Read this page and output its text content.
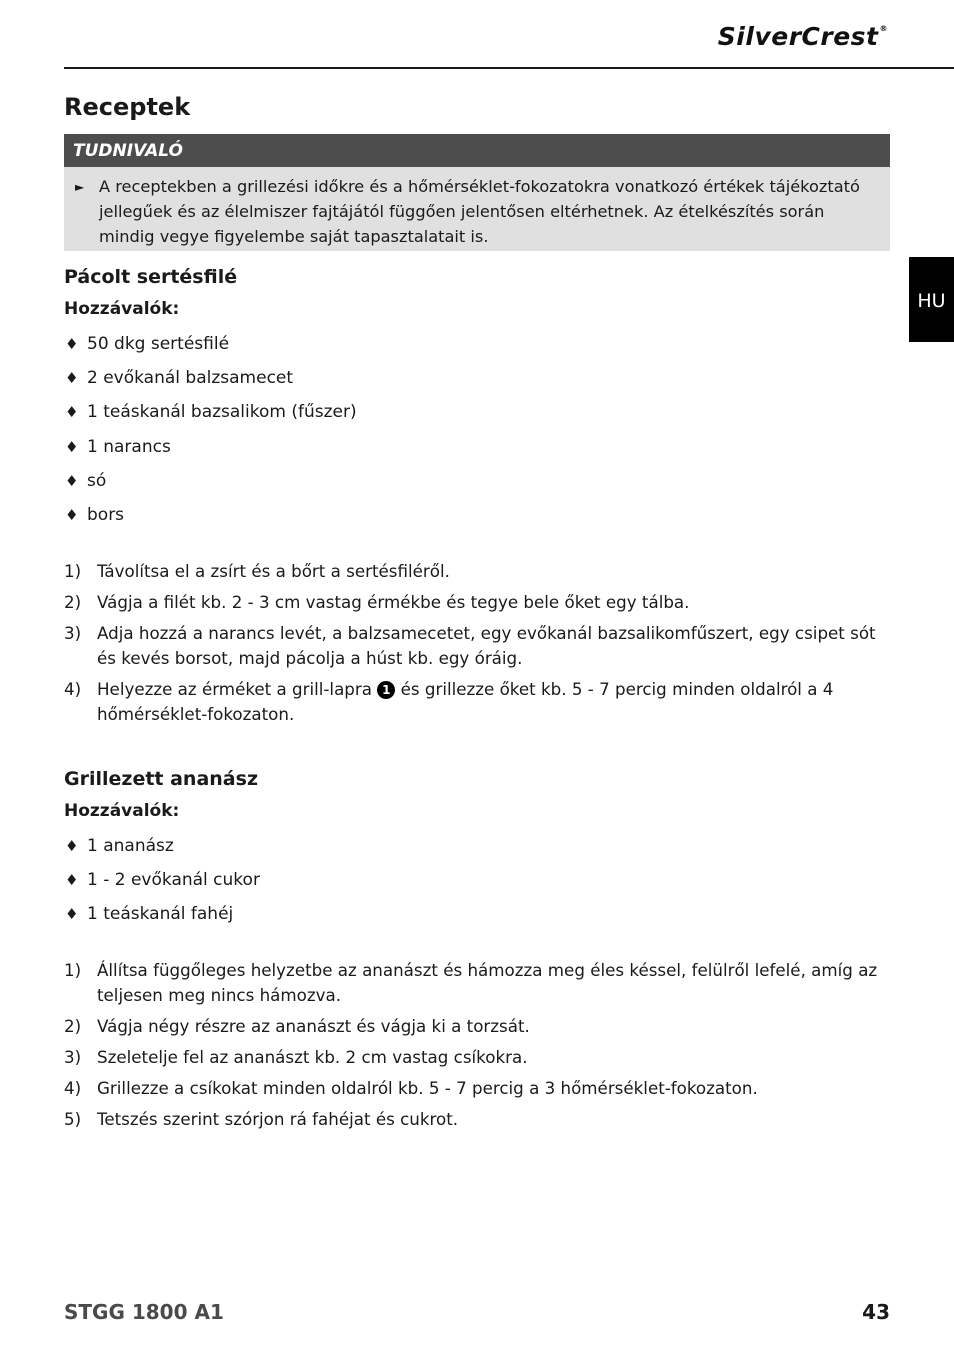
SilverCrest®
Receptek
TUDNIVALÓ
► A receptekben a grillezési időkre és a hőmérséklet-fokozatokra vonatkozó értékek tájékoztató jellegűek és az élelmiszer fajtájától függően jelentősen eltérhetnek. Az ételkészítés során mindig vegye figyelembe saját tapasztalatait is.
HU
Pácolt sertésfilé
Hozzávalók:
♦ 50 dkg sertésfilé
♦ 2 evőkanál balzsamecet
♦ 1 teáskanál bazsalikom (fűszer)
♦ 1 narancs
♦ só
♦ bors
1) Távolítsa el a zsírt és a bőrt a sertésfiléről.
2) Vágja a filét kb. 2 - 3 cm vastag érmékbe és tegye bele őket egy tálba.
3) Adja hozzá a narancs levét, a balzsamecetet, egy evőkanál bazsalikomfűszert, egy csipet sót és kevés borsot, majd pácolja a húst kb. egy óráig.
4) Helyezze az érméket a grill-lapra 1 és grillezze őket kb. 5 - 7 percig minden oldalról a 4 hőmérséklet-fokozaton.
Grillezett ananász
Hozzávalók:
♦ 1 ananász
♦ 1 - 2 evőkanál cukor
♦ 1 teáskanál fahéj
1) Állítsa függőleges helyzetbe az ananászt és hámozza meg éles késsel, felülről lefelé, amíg az teljesen meg nincs hámozva.
2) Vágja négy részre az ananászt és vágja ki a torzsát.
3) Szeletelje fel az ananászt kb. 2 cm vastag csíkokra.
4) Grillezze a csíkokat minden oldalról kb. 5 - 7 percig a 3 hőmérséklet-fokozaton.
5) Tetszés szerint szórjon rá fahéjat és cukrot.
STGG 1800 A1	43
